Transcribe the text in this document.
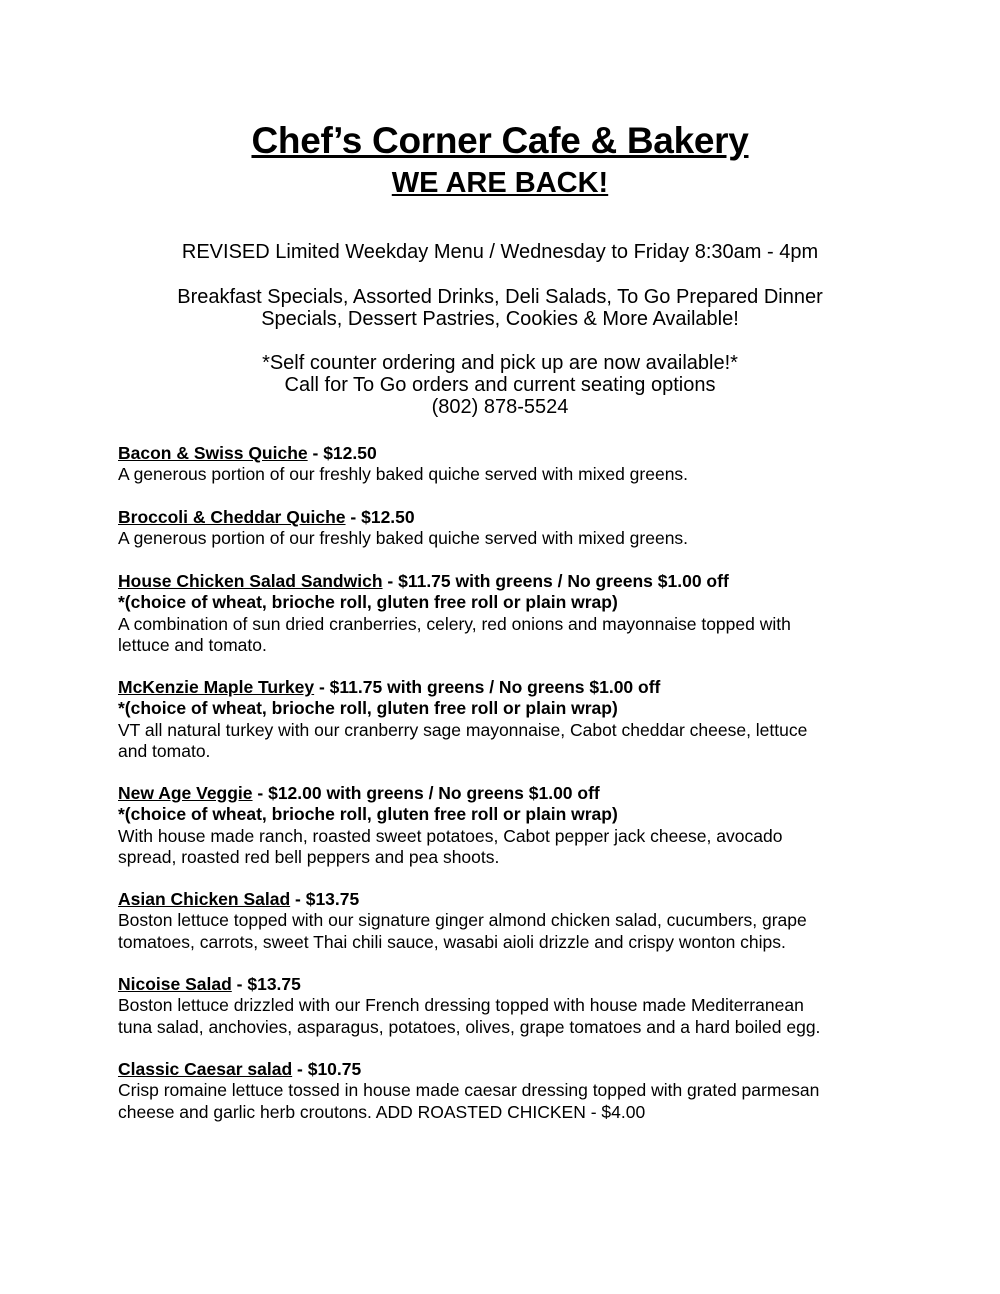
Chef’s Corner Cafe & Bakery
WE ARE BACK!
REVISED Limited Weekday Menu / Wednesday to Friday 8:30am - 4pm
Breakfast Specials, Assorted Drinks, Deli Salads, To Go Prepared Dinner
Specials, Dessert Pastries, Cookies & More Available!
*Self counter ordering and pick up are now available!*
Call for To Go orders and current seating options
(802) 878-5524
Bacon & Swiss Quiche - $12.50
A generous portion of our freshly baked quiche served with mixed greens.
Broccoli & Cheddar Quiche - $12.50
A generous portion of our freshly baked quiche served with mixed greens.
House Chicken Salad Sandwich - $11.75 with greens / No greens $1.00 off
*(choice of wheat, brioche roll, gluten free roll or plain wrap)
A combination of sun dried cranberries, celery, red onions and mayonnaise topped with
lettuce and tomato.
McKenzie Maple Turkey - $11.75 with greens / No greens $1.00 off
*(choice of wheat, brioche roll, gluten free roll or plain wrap)
VT all natural turkey with our cranberry sage mayonnaise, Cabot cheddar cheese, lettuce
and tomato.
New Age Veggie - $12.00 with greens / No greens $1.00 off
*(choice of wheat, brioche roll, gluten free roll or plain wrap)
With house made ranch, roasted sweet potatoes, Cabot pepper jack cheese, avocado
spread, roasted red bell peppers and pea shoots.
Asian Chicken Salad - $13.75
Boston lettuce topped with our signature ginger almond chicken salad, cucumbers, grape
tomatoes, carrots, sweet Thai chili sauce, wasabi aioli drizzle and crispy wonton chips.
Nicoise Salad - $13.75
Boston lettuce drizzled with our French dressing topped with house made Mediterranean
tuna salad, anchovies, asparagus, potatoes, olives, grape tomatoes and a hard boiled egg.
Classic Caesar salad - $10.75
Crisp romaine lettuce tossed in house made caesar dressing topped with grated parmesan
cheese and garlic herb croutons. ADD ROASTED CHICKEN - $4.00
